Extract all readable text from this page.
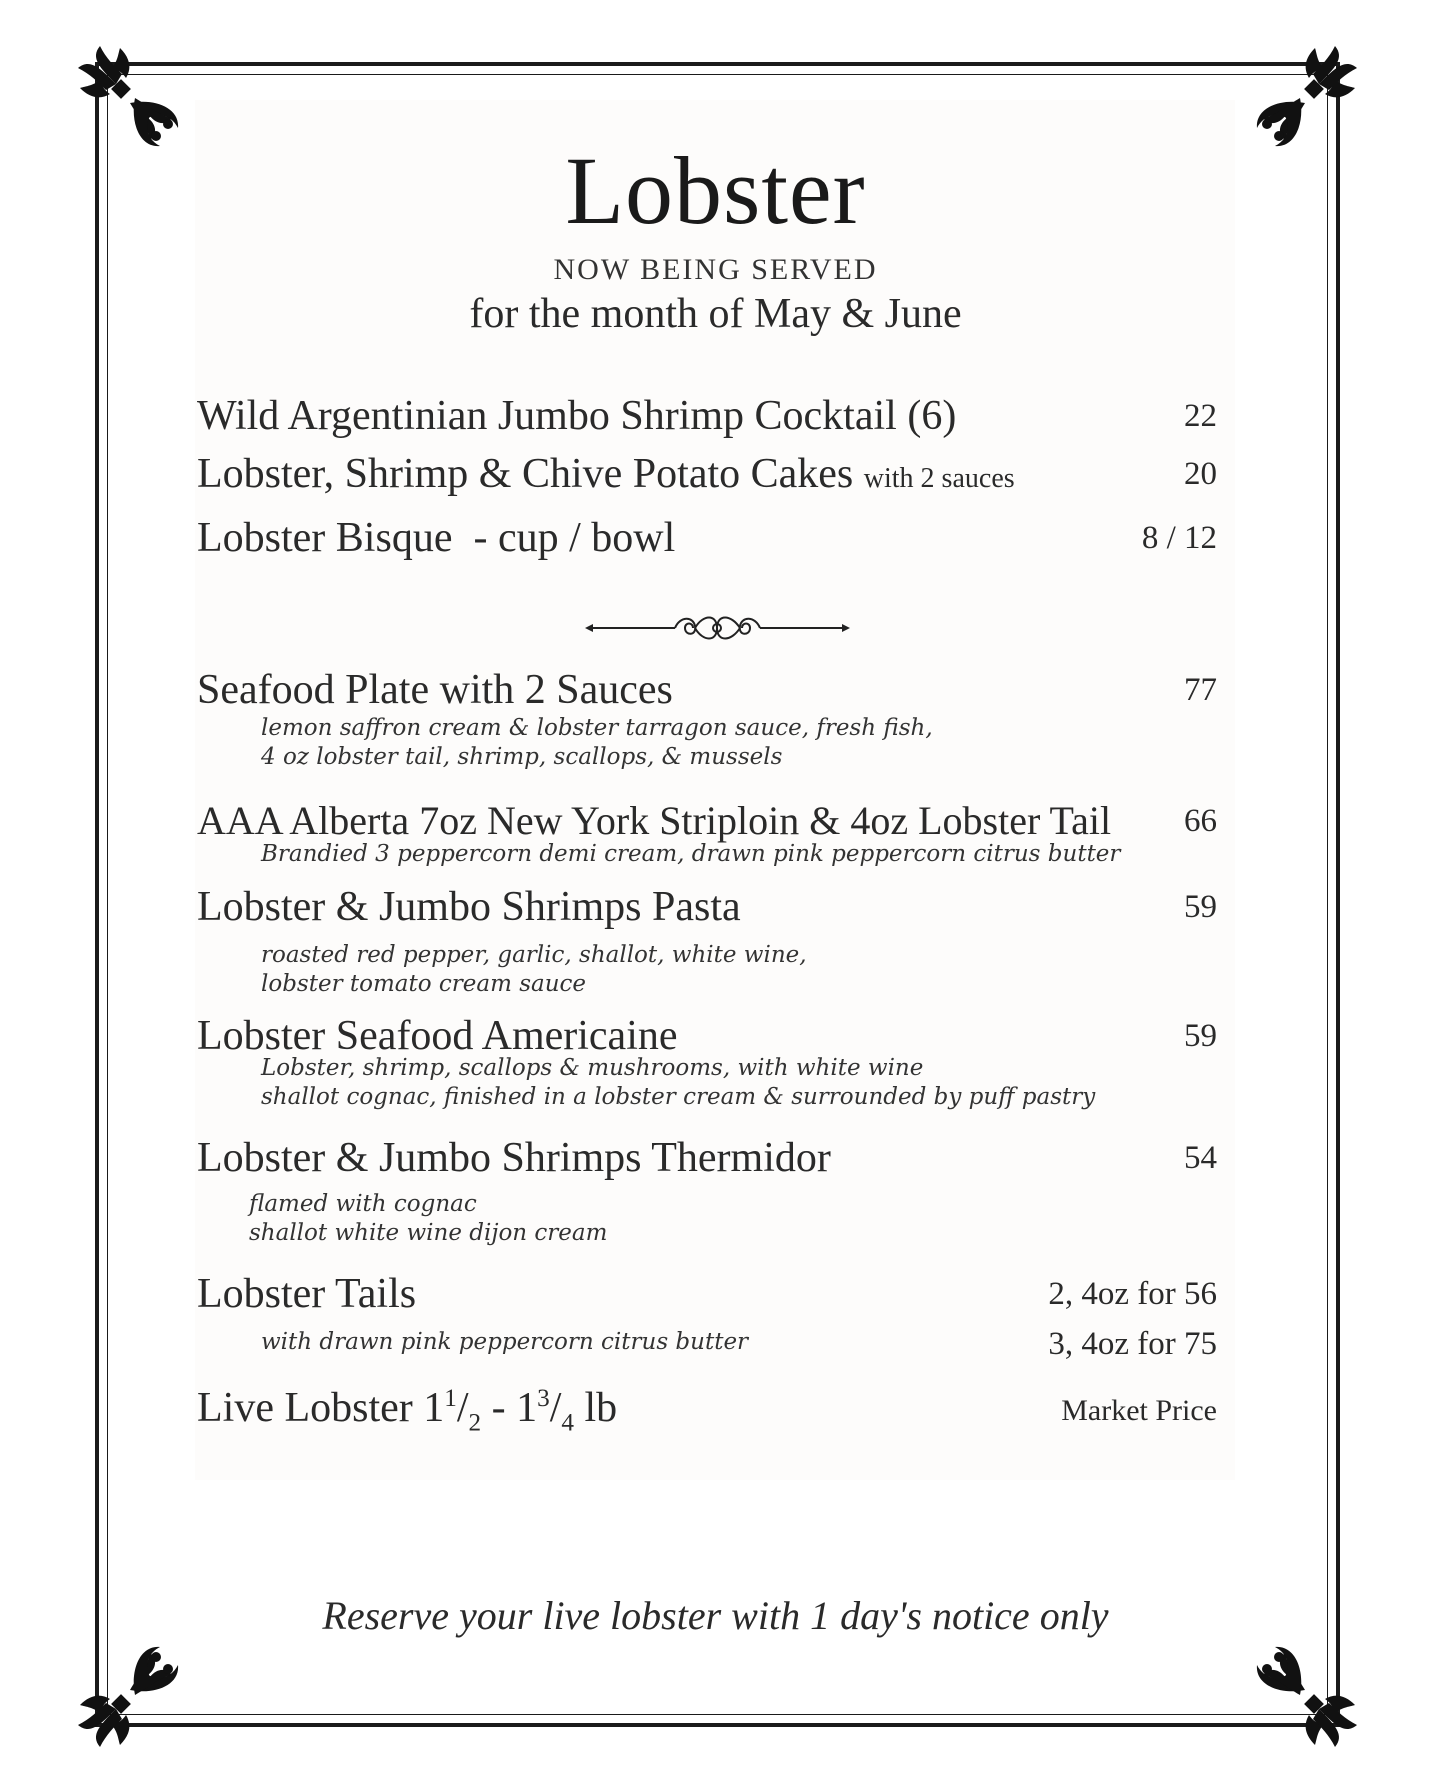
Lobster
NOW BEING SERVED
for the month of May & June
Wild Argentinian Jumbo Shrimp Cocktail (6)	22
Lobster, Shrimp & Chive Potato Cakes with 2 sauces	20
Lobster Bisque  - cup / bowl	8 / 12
Seafood Plate with 2 Sauces	77
lemon saffron cream & lobster tarragon sauce, fresh fish,
4 oz lobster tail, shrimp, scallops, & mussels
AAA Alberta 7oz New York Striploin & 4oz Lobster Tail	66
Brandied 3 peppercorn demi cream, drawn pink peppercorn citrus butter
Lobster & Jumbo Shrimps Pasta	59
roasted red pepper, garlic, shallot, white wine,
lobster tomato cream sauce
Lobster Seafood Americaine	59
Lobster, shrimp, scallops & mushrooms, with white wine
shallot cognac, finished in a lobster cream & surrounded by puff pastry
Lobster & Jumbo Shrimps Thermidor	54
flamed with cognac
shallot white wine dijon cream
Lobster Tails	2, 4oz for 56
3, 4oz for 75
with drawn pink peppercorn citrus butter
Live Lobster $1^1/_2 - 1^3/_4$ lb	Market Price
Reserve your live lobster with 1 day's notice only
